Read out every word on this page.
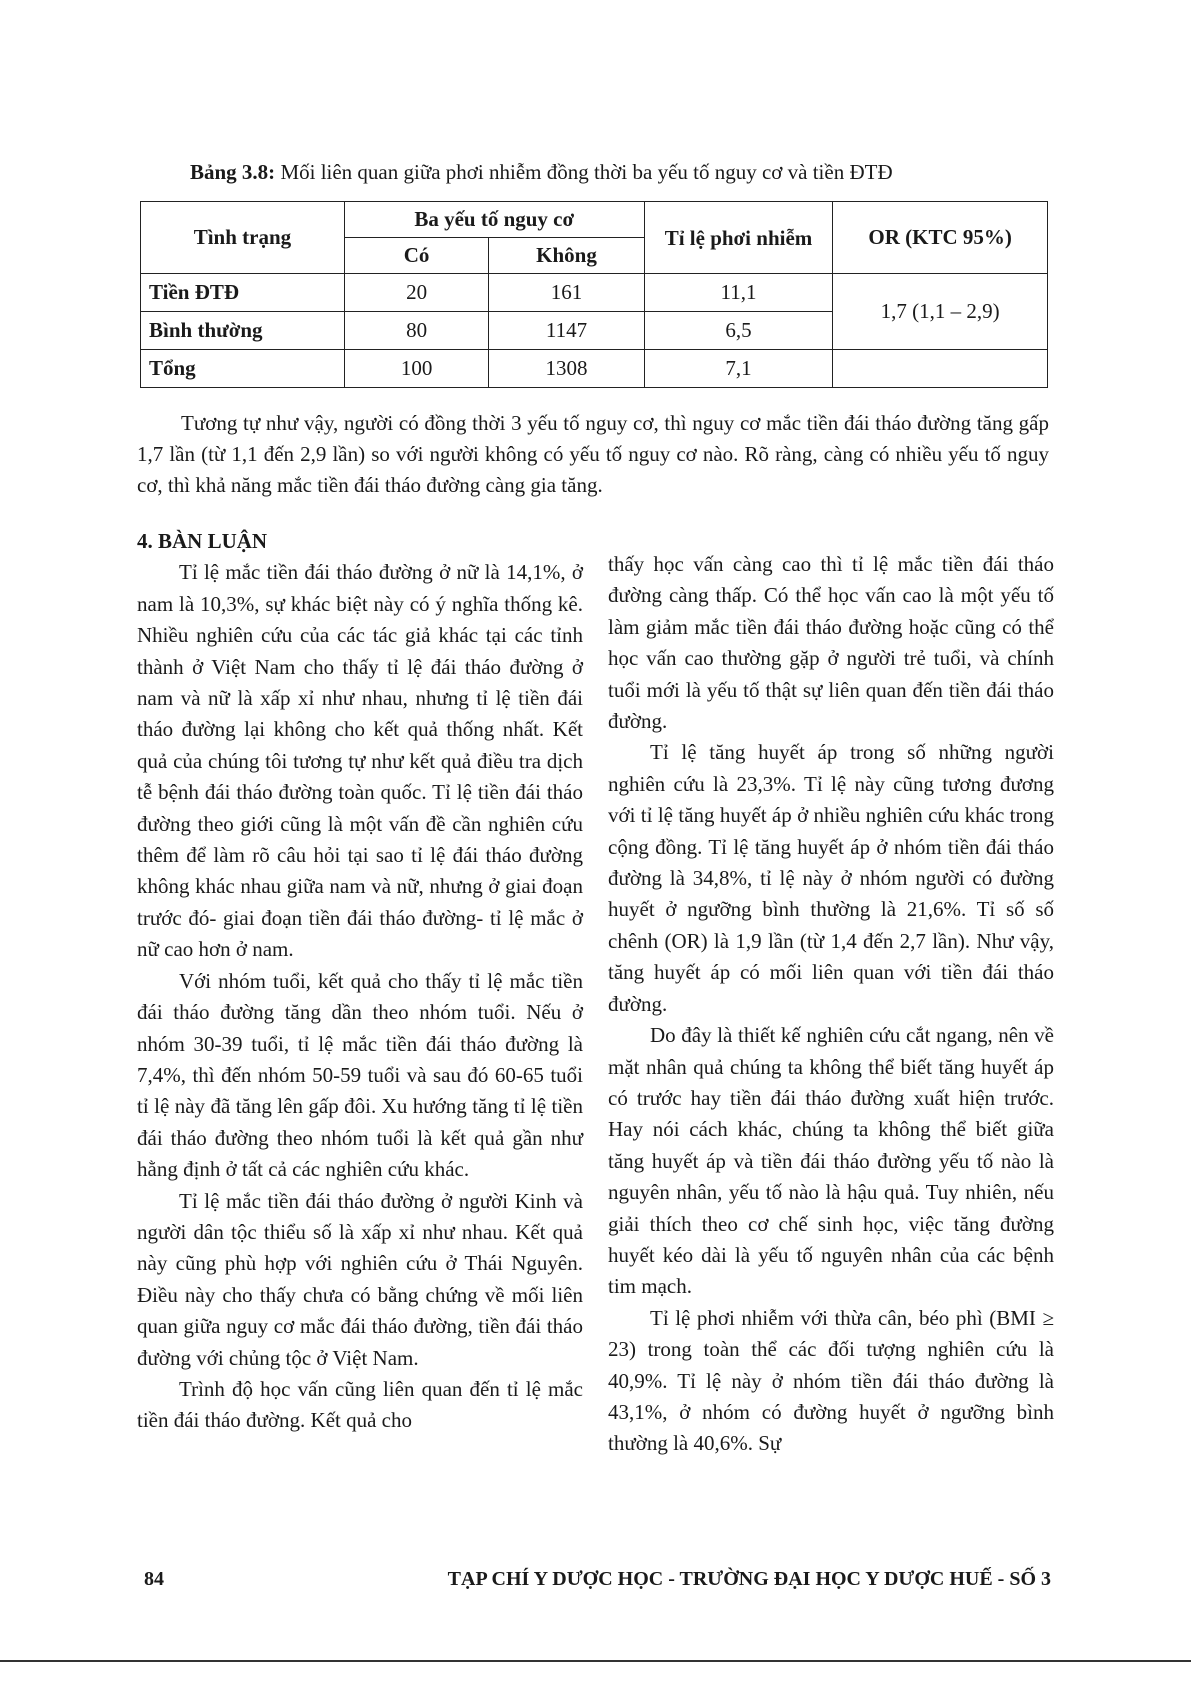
Bảng 3.8: Mối liên quan giữa phơi nhiễm đồng thời ba yếu tố nguy cơ và tiền ĐTĐ
Tình trạng	Ba yếu tố nguy cơ		Tỉ lệ phơi nhiễm	OR (KTC 95%)
	Có	Không		
Tiền ĐTĐ	20	161	11,1	1,7 (1,1 – 2,9)
Bình thường	80	1147	6,5	
Tổng	100	1308	7,1	
Tương tự như vậy, người có đồng thời 3 yếu tố nguy cơ, thì nguy cơ mắc tiền đái tháo đường tăng gấp 1,7 lần (từ 1,1 đến 2,9 lần) so với người không có yếu tố nguy cơ nào. Rõ ràng, càng có nhiều yếu tố nguy cơ, thì khả năng mắc tiền đái tháo đường càng gia tăng.

4. BÀN LUẬN

Tỉ lệ mắc tiền đái tháo đường ở nữ là 14,1%, ở nam là 10,3%, sự khác biệt này có ý nghĩa thống kê. Nhiều nghiên cứu của các tác giả khác tại các tỉnh thành ở Việt Nam cho thấy tỉ lệ đái tháo đường ở nam và nữ là xấp xỉ như nhau, nhưng tỉ lệ tiền đái tháo đường lại không cho kết quả thống nhất. Kết quả của chúng tôi tương tự như kết quả điều tra dịch tễ bệnh đái tháo đường toàn quốc. Tỉ lệ tiền đái tháo đường theo giới cũng là một vấn đề cần nghiên cứu thêm để làm rõ câu hỏi tại sao tỉ lệ đái tháo đường không khác nhau giữa nam và nữ, nhưng ở giai đoạn trước đó- giai đoạn tiền đái tháo đường- tỉ lệ mắc ở nữ cao hơn ở nam.

Với nhóm tuổi, kết quả cho thấy tỉ lệ mắc tiền đái tháo đường tăng dần theo nhóm tuổi. Nếu ở nhóm 30-39 tuổi, tỉ lệ mắc tiền đái tháo đường là 7,4%, thì đến nhóm 50-59 tuổi và sau đó 60-65 tuổi tỉ lệ này đã tăng lên gấp đôi. Xu hướng tăng tỉ lệ tiền đái tháo đường theo nhóm tuổi là kết quả gần như hằng định ở tất cả các nghiên cứu khác.

Tỉ lệ mắc tiền đái tháo đường ở người Kinh và người dân tộc thiểu số là xấp xỉ như nhau. Kết quả này cũng phù hợp với nghiên cứu ở Thái Nguyên. Điều này cho thấy chưa có bằng chứng về mối liên quan giữa nguy cơ mắc đái tháo đường, tiền đái tháo đường với chủng tộc ở Việt Nam.

Trình độ học vấn cũng liên quan đến tỉ lệ mắc tiền đái tháo đường. Kết quả cho

thấy học vấn càng cao thì tỉ lệ mắc tiền đái tháo đường càng thấp. Có thể học vấn cao là một yếu tố làm giảm mắc tiền đái tháo đường hoặc cũng có thể học vấn cao thường gặp ở người trẻ tuổi, và chính tuổi mới là yếu tố thật sự liên quan đến tiền đái tháo đường.

Tỉ lệ tăng huyết áp trong số những người nghiên cứu là 23,3%. Tỉ lệ này cũng tương đương với tỉ lệ tăng huyết áp ở nhiều nghiên cứu khác trong cộng đồng. Tỉ lệ tăng huyết áp ở nhóm tiền đái tháo đường là 34,8%, tỉ lệ này ở nhóm người có đường huyết ở ngưỡng bình thường là 21,6%. Tỉ số số chênh (OR) là 1,9 lần (từ 1,4 đến 2,7 lần). Như vậy, tăng huyết áp có mối liên quan với tiền đái tháo đường.

Do đây là thiết kế nghiên cứu cắt ngang, nên về mặt nhân quả chúng ta không thể biết tăng huyết áp có trước hay tiền đái tháo đường xuất hiện trước. Hay nói cách khác, chúng ta không thể biết giữa tăng huyết áp và tiền đái tháo đường yếu tố nào là nguyên nhân, yếu tố nào là hậu quả. Tuy nhiên, nếu giải thích theo cơ chế sinh học, việc tăng đường huyết kéo dài là yếu tố nguyên nhân của các bệnh tim mạch.

Tỉ lệ phơi nhiễm với thừa cân, béo phì (BMI ≥ 23) trong toàn thể các đối tượng nghiên cứu là 40,9%. Tỉ lệ này ở nhóm tiền đái tháo đường là 43,1%, ở nhóm có đường huyết ở ngưỡng bình thường là 40,6%. Sự

84	TẠP CHÍ Y DƯỢC HỌC - TRƯỜNG ĐẠI HỌC Y DƯỢC HUẾ - SỐ 3
